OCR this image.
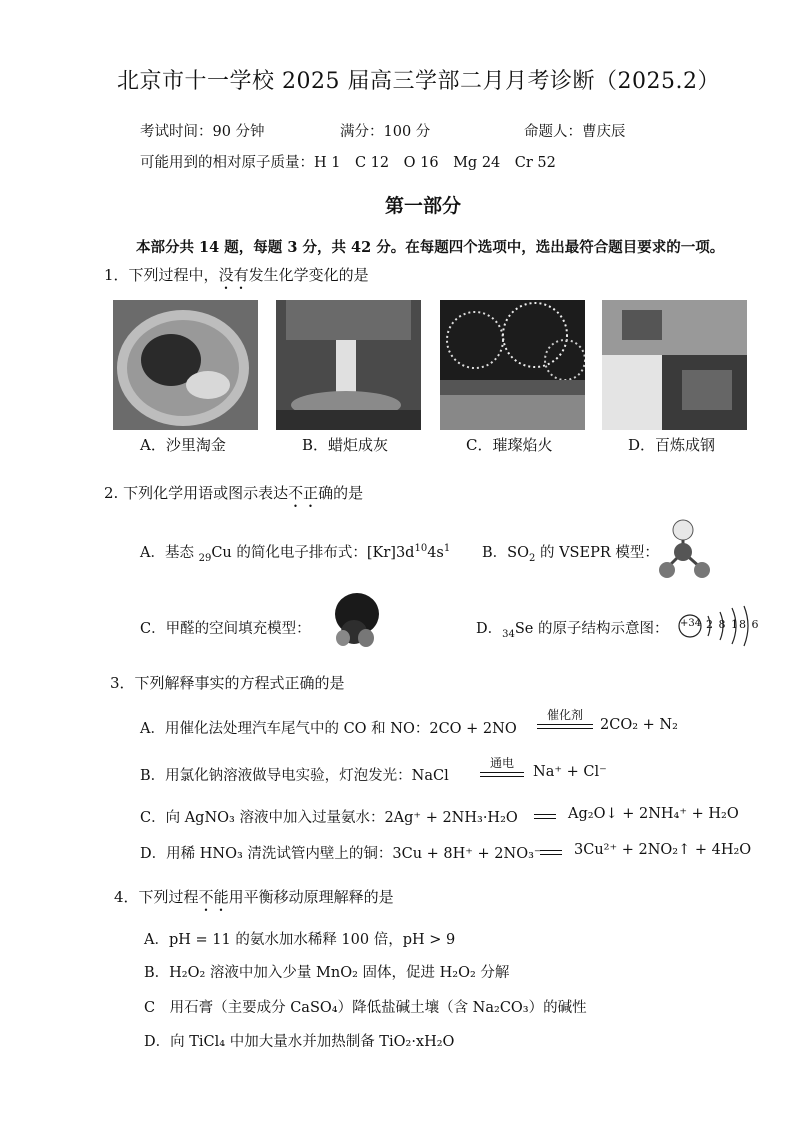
北京市十一学校 2025 届高三学部二月月考诊断（2025.2）
考试时间：90 分钟	满分：100 分	命题人：曹庆辰
可能用到的相对原子质量：H 1　C 12　O 16　Mg 24　Cr 52
第一部分
本部分共 14 题，每题 3 分，共 42 分。在每题四个选项中，选出最符合题目要求的一项。
1．下列过程中，没有发生化学变化的是
A．沙里淘金	B．蜡炬成灰	C．璀璨焰火	D．百炼成钢
2. 下列化学用语或图示表达不正确的是
A．基态 $_{29}$Cu 的简化电子排布式：$[Kr]3d^{10}4s^1$ B．$SO_2$ 的 VSEPR 模型：
C．甲醛的空间填充模型：	D．$_{34}$Se 的原子结构示意图： +34 2 8 18 6
3．下列解释事实的方程式正确的是
A．用催化法处理汽车尾气中的 CO 和 NO：2CO + 2NO
催化剂
2CO₂ + N₂
B．用氯化钠溶液做导电实验，灯泡发光：NaCl
通电
Na⁺ + Cl⁻
C．向 AgNO₃ 溶液中加入过量氨水：2Ag⁺ + 2NH₃·H₂O	Ag₂O↓ + 2NH₄⁺ + H₂O
D．用稀 HNO₃ 清洗试管内壁上的铜：3Cu + 8H⁺ + 2NO₃⁻ 3Cu²⁺ + 2NO₂↑ + 4H₂O
4．下列过程不能用平衡移动原理解释的是
A．pH = 11 的氨水加水稀释 100 倍，pH > 9
B．H₂O₂ 溶液中加入少量 MnO₂ 固体，促进 H₂O₂ 分解
C　用石膏（主要成分 CaSO₄）降低盐碱土壤（含 Na₂CO₃）的碱性
D．向 TiCl₄ 中加大量水并加热制备 TiO₂·xH₂O
